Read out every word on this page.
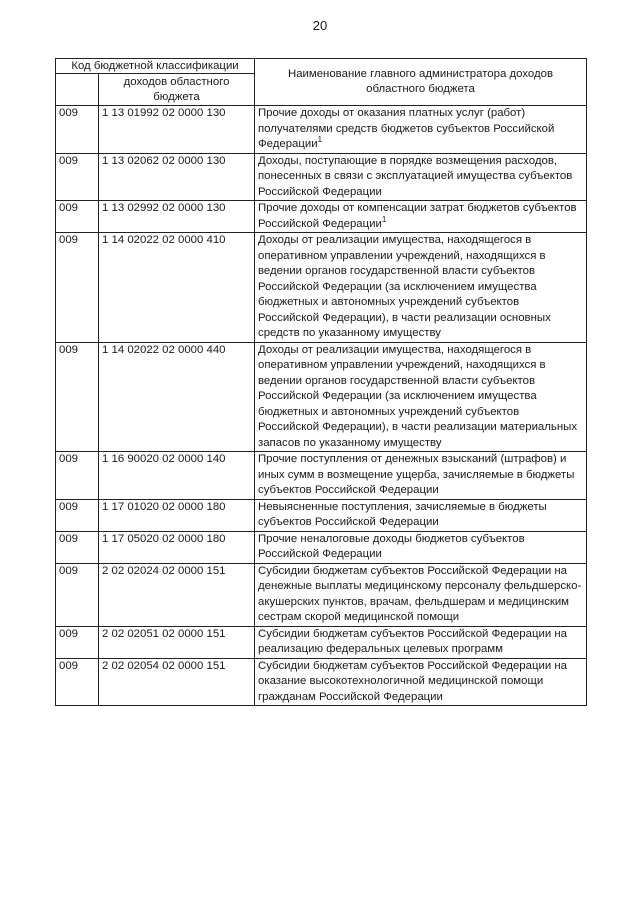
20
Код бюджетной классификации		Наименование главного администратора доходов областного бюджета
	доходов областного бюджета	
009	1 13 01992 02 0000 130	Прочие доходы от оказания платных услуг (работ) получателями средств бюджетов субъектов Российской Федерации$^1$
009	1 13 02062 02 0000 130	Доходы, поступающие в порядке возмещения расходов, понесенных в связи с эксплуатацией имущества субъектов Российской Федерации
009	1 13 02992 02 0000 130	Прочие доходы от компенсации затрат бюджетов субъектов Российской Федерации$^1$
009	1 14 02022 02 0000 410	Доходы от реализации имущества, находящегося в оперативном управлении учреждений, находящихся в ведении органов государственной власти субъектов Российской Федерации (за исключением имущества бюджетных и автономных учреждений субъектов Российской Федерации), в части реализации основных средств по указанному имуществу
009	1 14 02022 02 0000 440	Доходы от реализации имущества, находящегося в оперативном управлении учреждений, находящихся в ведении органов государственной власти субъектов Российской Федерации (за исключением имущества бюджетных и автономных учреждений субъектов Российской Федерации), в части реализации материальных запасов по указанному имуществу
009	1 16 90020 02 0000 140	Прочие поступления от денежных взысканий (штрафов) и иных сумм в возмещение ущерба, зачисляемые в бюджеты субъектов Российской Федерации
009	1 17 01020 02 0000 180	Невыясненные поступления, зачисляемые в бюджеты субъектов Российской Федерации
009	1 17 05020 02 0000 180	Прочие неналоговые доходы бюджетов субъектов Российской Федерации
009	2 02 02024 02 0000 151	Субсидии бюджетам субъектов Российской Федерации на денежные выплаты медицинскому персоналу фельдшерско-акушерских пунктов, врачам, фельдшерам и медицинским сестрам скорой медицинской помощи
009	2 02 02051 02 0000 151	Субсидии бюджетам субъектов Российской Федерации на реализацию федеральных целевых программ
009	2 02 02054 02 0000 151	Субсидии бюджетам субъектов Российской Федерации на оказание высокотехнологичной медицинской помощи гражданам Российской Федерации
